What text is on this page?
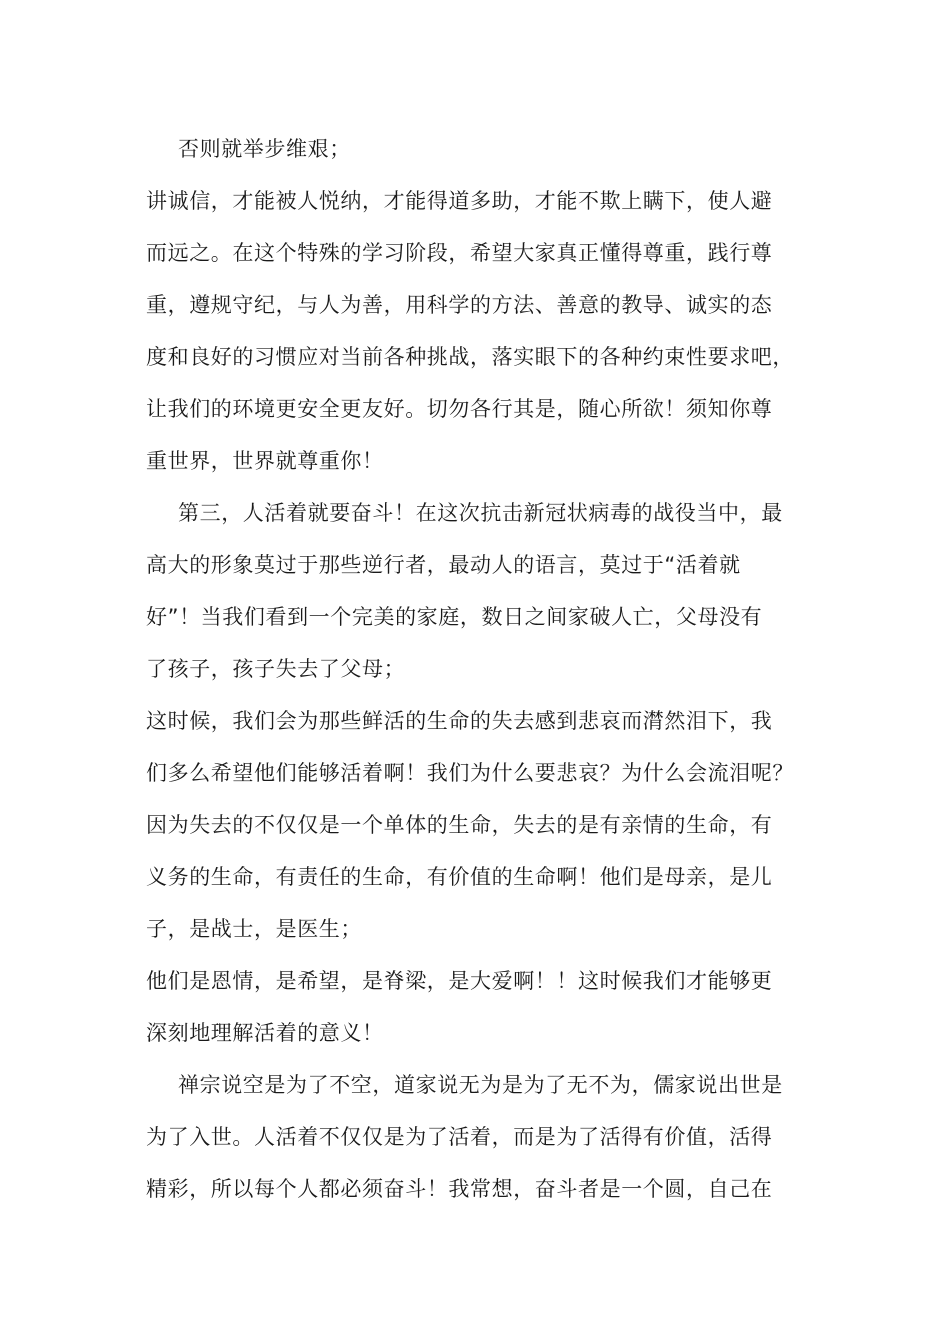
否则就举步维艰；
讲诚信，才能被人悦纳，才能得道多助，才能不欺上瞒下，使人避
而远之。在这个特殊的学习阶段，希望大家真正懂得尊重，践行尊
重，遵规守纪，与人为善，用科学的方法、善意的教导、诚实的态
度和良好的习惯应对当前各种挑战，落实眼下的各种约束性要求吧，
让我们的环境更安全更友好。切勿各行其是，随心所欲！须知你尊
重世界，世界就尊重你！
第三，人活着就要奋斗！在这次抗击新冠状病毒的战役当中，最
高大的形象莫过于那些逆行者，最动人的语言，莫过于“活着就
好”！当我们看到一个完美的家庭，数日之间家破人亡，父母没有
了孩子，孩子失去了父母；
这时候，我们会为那些鲜活的生命的失去感到悲哀而潸然泪下，我
们多么希望他们能够活着啊！我们为什么要悲哀？为什么会流泪呢？
因为失去的不仅仅是一个单体的生命，失去的是有亲情的生命，有
义务的生命，有责任的生命，有价值的生命啊！他们是母亲，是儿
子，是战士，是医生；
他们是恩情，是希望，是脊梁，是大爱啊！！这时候我们才能够更
深刻地理解活着的意义！
禅宗说空是为了不空，道家说无为是为了无不为，儒家说出世是
为了入世。人活着不仅仅是为了活着，而是为了活得有价值，活得
精彩，所以每个人都必须奋斗！我常想，奋斗者是一个圆，自己在
